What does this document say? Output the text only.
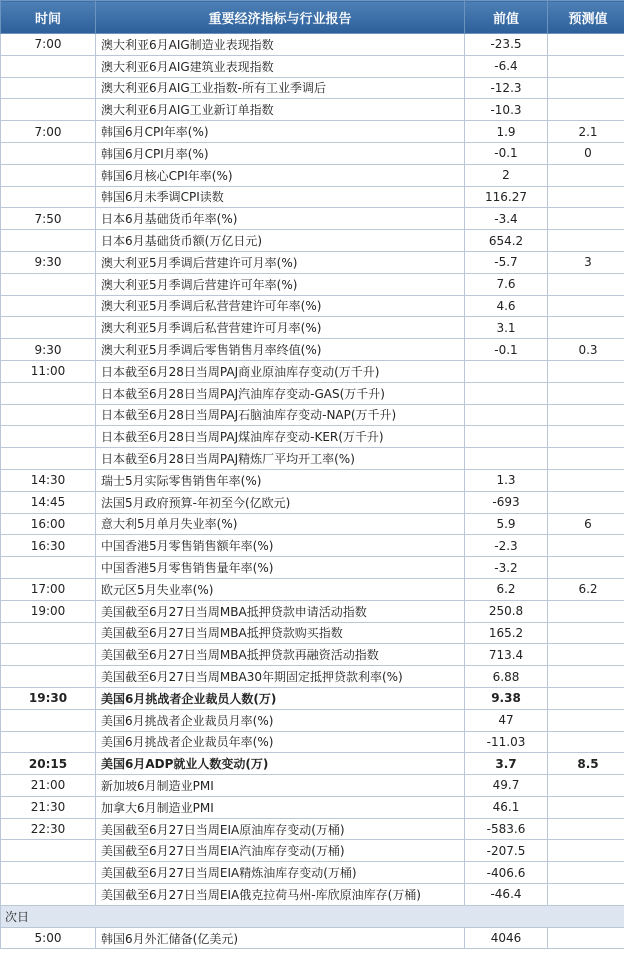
时间	重要经济指标与行业报告	前值	预测值
7:00	澳大利亚6月AIG制造业表现指数	-23.5	
	澳大利亚6月AIG建筑业表现指数	-6.4	
	澳大利亚6月AIG工业指数-所有工业季调后	-12.3	
	澳大利亚6月AIG工业新订单指数	-10.3	
7:00	韩国6月CPI年率(%)	1.9	2.1
	韩国6月CPI月率(%)	-0.1	0
	韩国6月核心CPI年率(%)	2	
	韩国6月未季调CPI读数	116.27	
7:50	日本6月基础货币年率(%)	-3.4	
	日本6月基础货币额(万亿日元)	654.2	
9:30	澳大利亚5月季调后营建许可月率(%)	-5.7	3
	澳大利亚5月季调后营建许可年率(%)	7.6	
	澳大利亚5月季调后私营营建许可年率(%)	4.6	
	澳大利亚5月季调后私营营建许可月率(%)	3.1	
9:30	澳大利亚5月季调后零售销售月率终值(%)	-0.1	0.3
11:00	日本截至6月28日当周PAJ商业原油库存变动(万千升)		
	日本截至6月28日当周PAJ汽油库存变动-GAS(万千升)		
	日本截至6月28日当周PAJ石脑油库存变动-NAP(万千升)		
	日本截至6月28日当周PAJ煤油库存变动-KER(万千升)		
	日本截至6月28日当周PAJ精炼厂平均开工率(%)		
14:30	瑞士5月实际零售销售年率(%)	1.3	
14:45	法国5月政府预算-年初至今(亿欧元)	-693	
16:00	意大利5月单月失业率(%)	5.9	6
16:30	中国香港5月零售销售额年率(%)	-2.3	
	中国香港5月零售销售量年率(%)	-3.2	
17:00	欧元区5月失业率(%)	6.2	6.2
19:00	美国截至6月27日当周MBA抵押贷款申请活动指数	250.8	
	美国截至6月27日当周MBA抵押贷款购买指数	165.2	
	美国截至6月27日当周MBA抵押贷款再融资活动指数	713.4	
	美国截至6月27日当周MBA30年期固定抵押贷款利率(%)	6.88	
19:30	美国6月挑战者企业裁员人数(万)	9.38	
	美国6月挑战者企业裁员月率(%)	47	
	美国6月挑战者企业裁员年率(%)	-11.03	
20:15	美国6月ADP就业人数变动(万)	3.7	8.5
21:00	新加坡6月制造业PMI	49.7	
21:30	加拿大6月制造业PMI	46.1	
22:30	美国截至6月27日当周EIA原油库存变动(万桶)	-583.6	
	美国截至6月27日当周EIA汽油库存变动(万桶)	-207.5	
	美国截至6月27日当周EIA精炼油库存变动(万桶)	-406.6	
	美国截至6月27日当周EIA俄克拉荷马州-库欣原油库存(万桶)	-46.4	
次日			
5:00	韩国6月外汇储备(亿美元)	4046	
